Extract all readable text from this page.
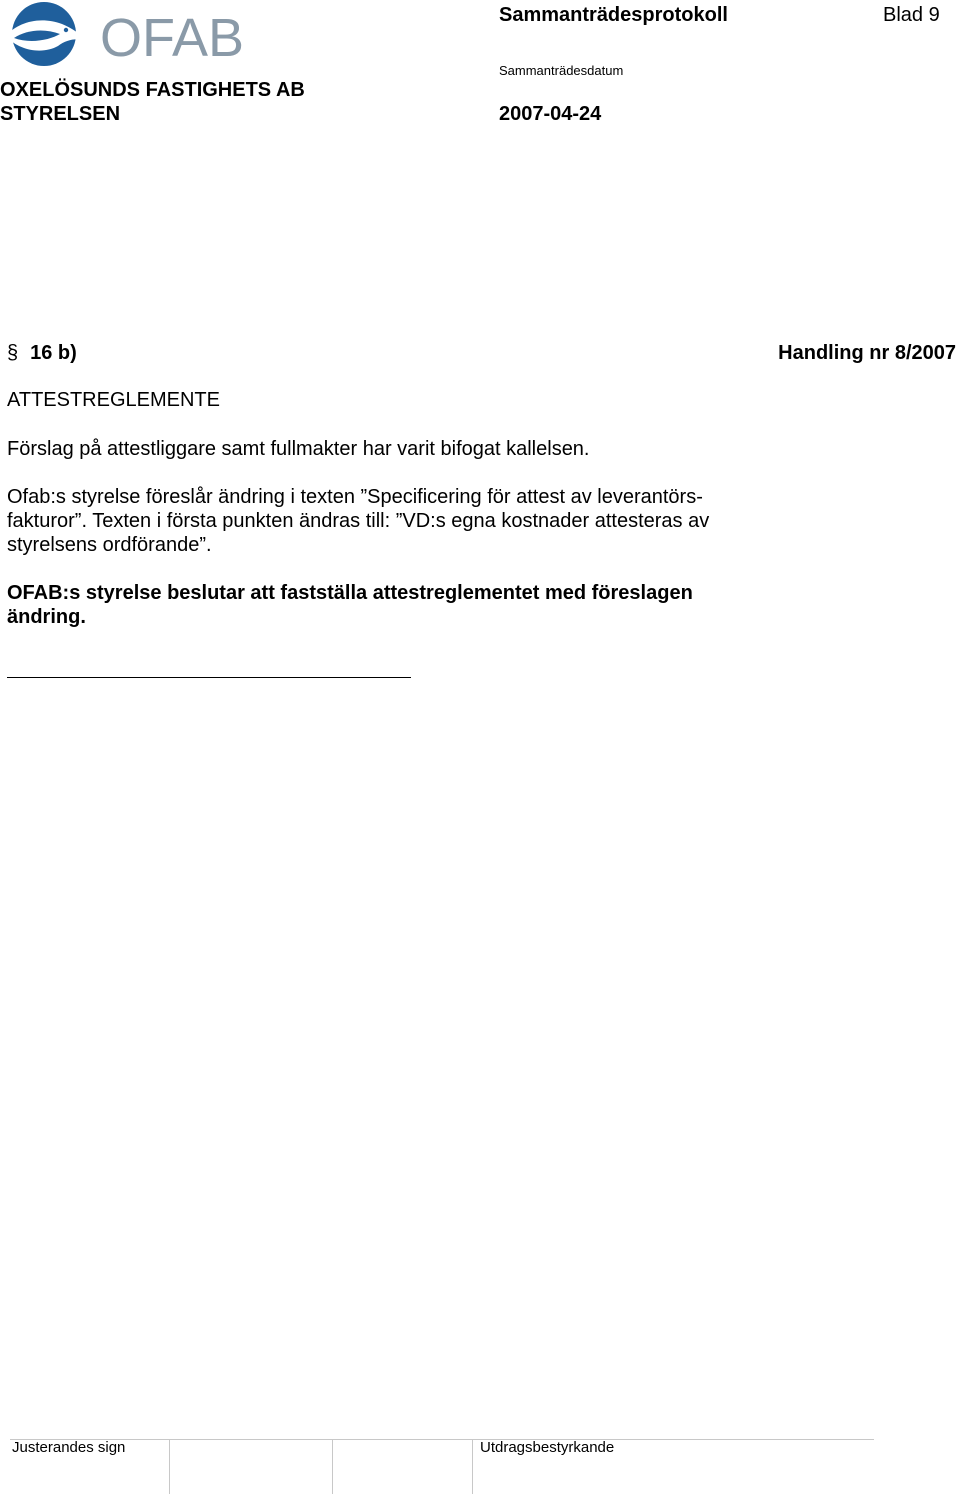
OFAB	Sammanträdesprotokoll	Blad 9
OXELÖSUNDS FASTIGHETS AB
STYRELSEN
Sammanträdesdatum
2007-04-24
§ 16 b)	Handling nr 8/2007
ATTESTREGLEMENTE
Förslag på attestliggare samt fullmakter har varit bifogat kallelsen.
Ofab:s styrelse föreslår ändring i texten ”Specificering för attest av leverantörs-
fakturor”. Texten i första punkten ändras till: ”VD:s egna kostnader attesteras av
styrelsens ordförande”.
OFAB:s styrelse beslutar att fastställa attestreglementet med föreslagen
ändring.
Justerandes sign	Utdragsbestyrkande
